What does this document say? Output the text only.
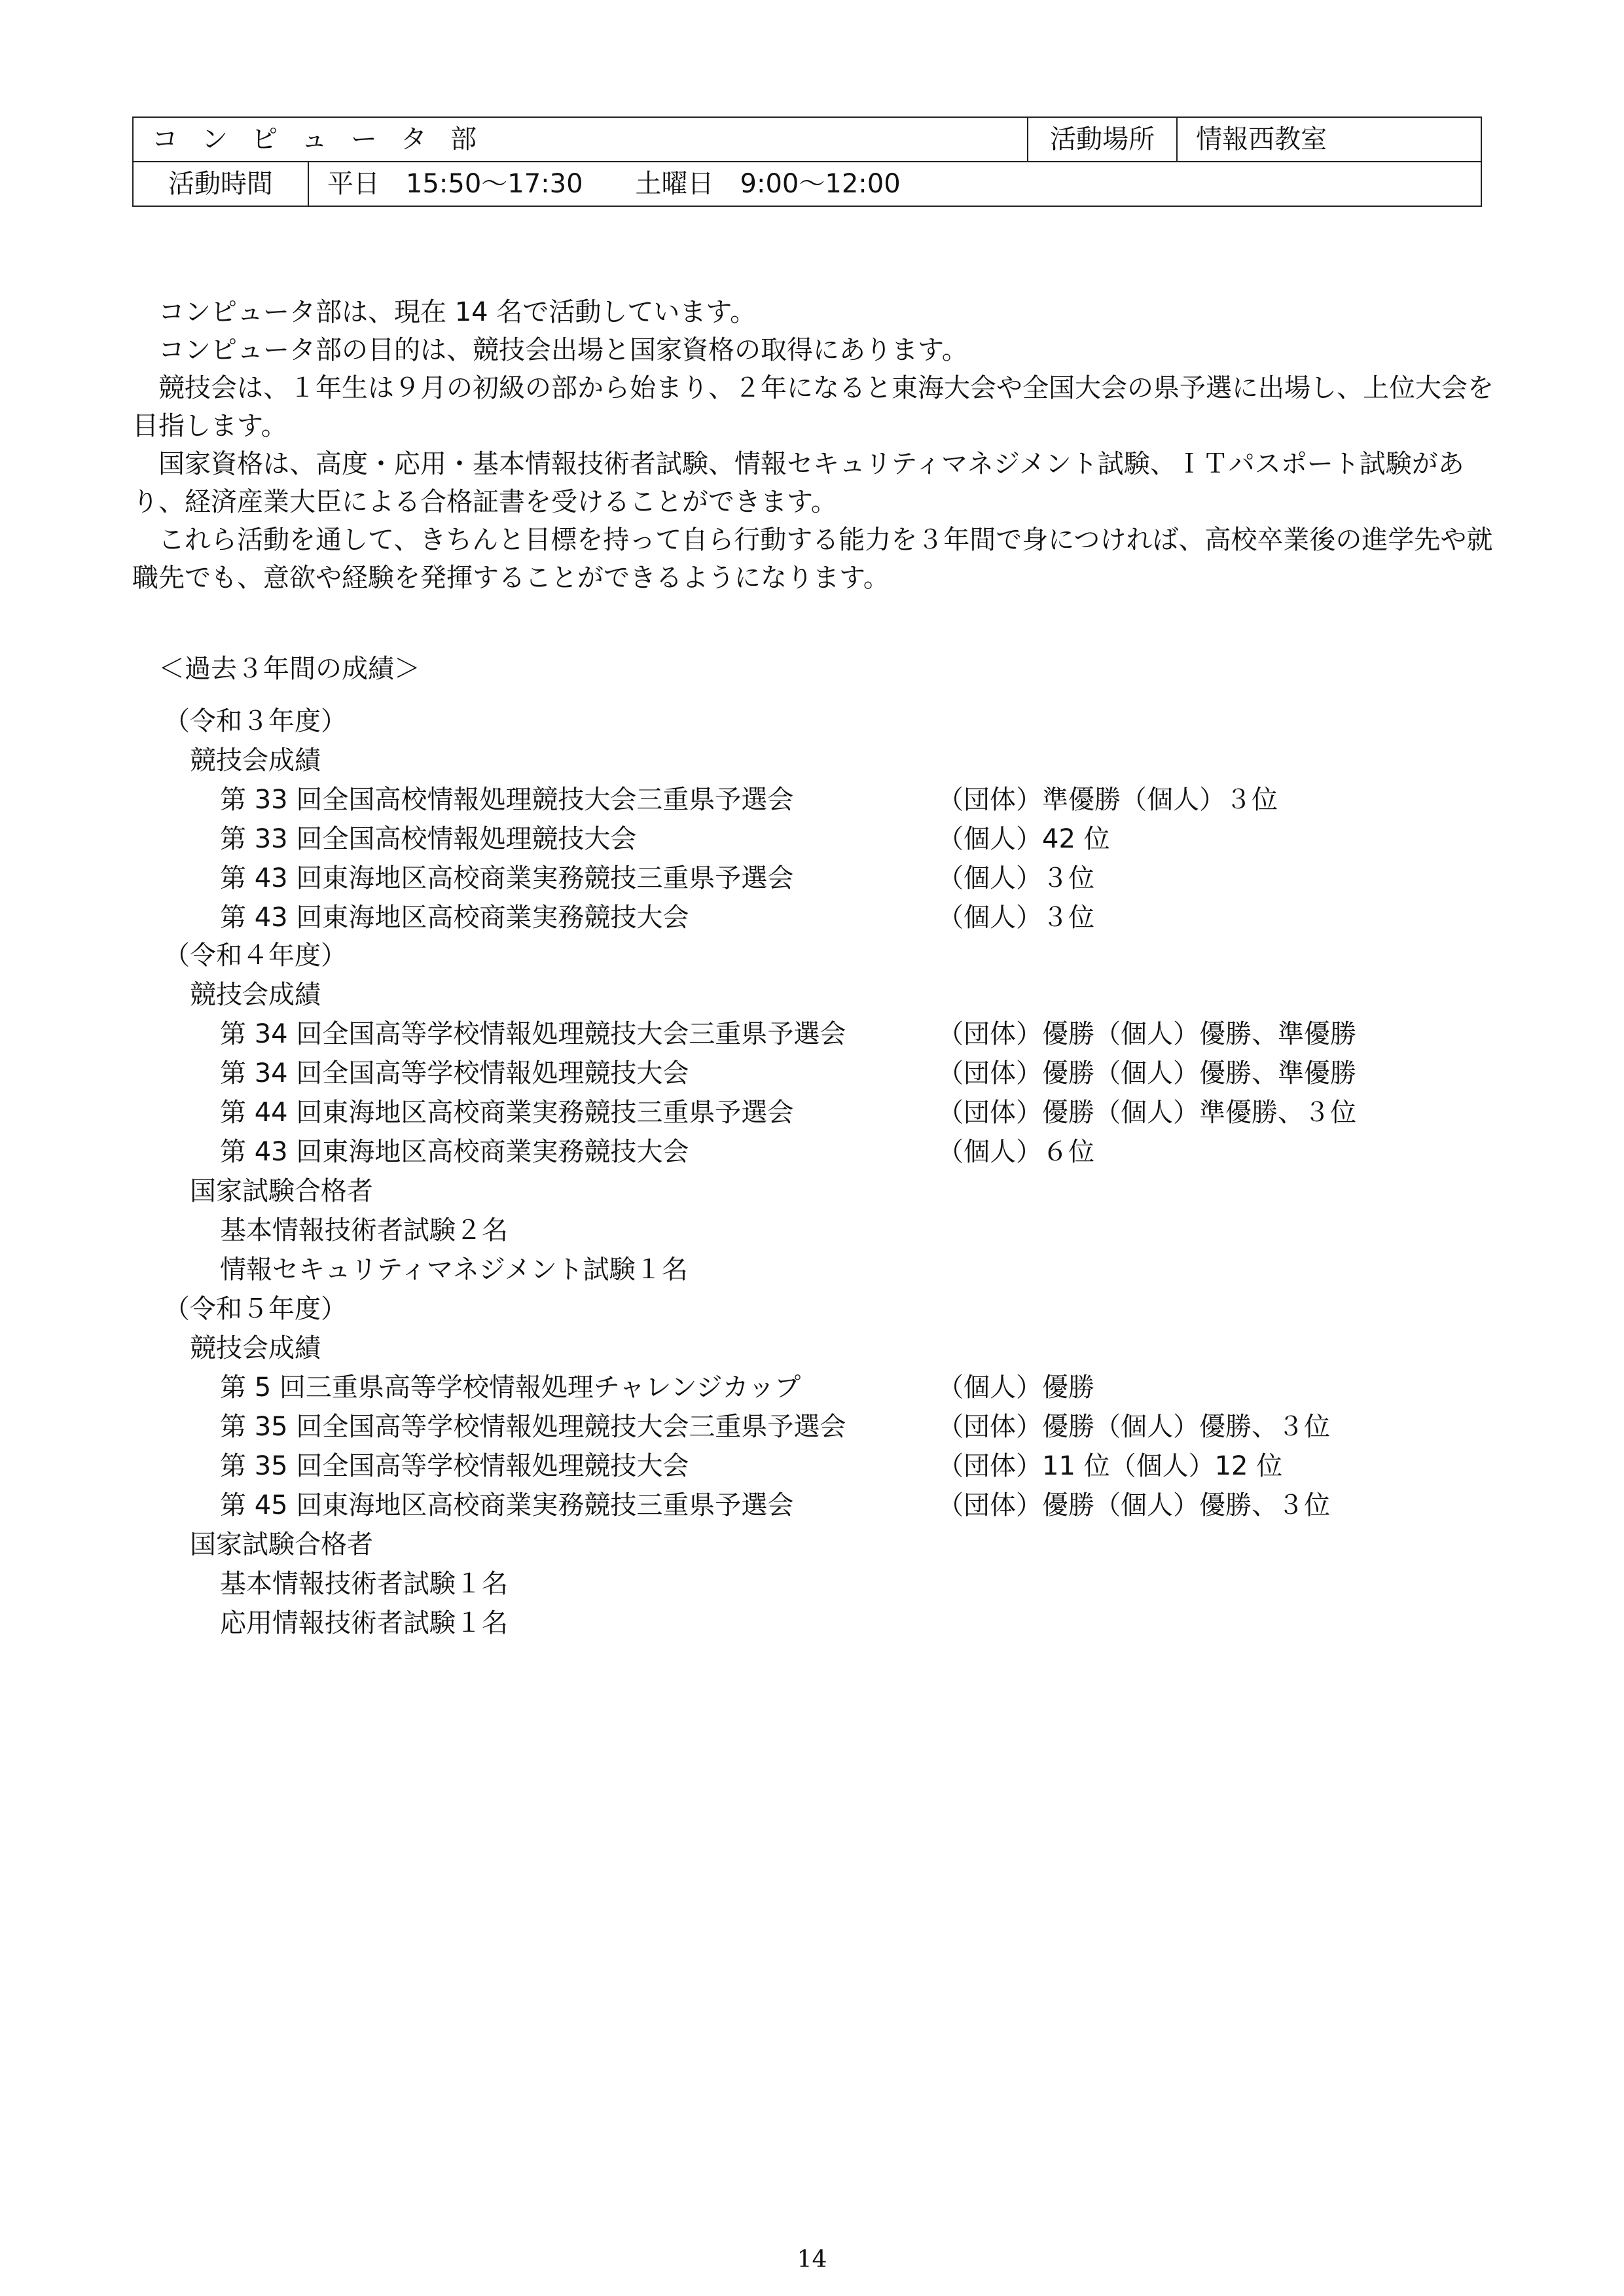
コンピュータ部		活動場所	情報西教室
活動時間	平日　15:50～17:30　　土曜日　9:00～12:00		

コンピュータ部は、現在 14 名で活動しています。

コンピュータ部の目的は、競技会出場と国家資格の取得にあります。

競技会は、１年生は９月の初級の部から始まり、２年になると東海大会や全国大会の県予選に出場し、上位大会を目指します。

国家資格は、高度・応用・基本情報技術者試験、情報セキュリティマネジメント試験、ＩＴパスポート試験があり、経済産業大臣による合格証書を受けることができます。

これら活動を通して、きちんと目標を持って自ら行動する能力を３年間で身につければ、高校卒業後の進学先や就職先でも、意欲や経験を発揮することができるようになります。

＜過去３年間の成績＞
（令和３年度）
競技会成績
第 33 回全国高校情報処理競技大会三重県予選会	（団体）準優勝（個人）３位
第 33 回全国高校情報処理競技大会	（個人）42 位
第 43 回東海地区高校商業実務競技三重県予選会	（個人）３位
第 43 回東海地区高校商業実務競技大会	（個人）３位
（令和４年度）
競技会成績
第 34 回全国高等学校情報処理競技大会三重県予選会	（団体）優勝（個人）優勝、準優勝
第 34 回全国高等学校情報処理競技大会	（団体）優勝（個人）優勝、準優勝
第 44 回東海地区高校商業実務競技三重県予選会	（団体）優勝（個人）準優勝、３位
第 43 回東海地区高校商業実務競技大会	（個人）６位
国家試験合格者
基本情報技術者試験２名
情報セキュリティマネジメント試験１名
（令和５年度）
競技会成績
第 5 回三重県高等学校情報処理チャレンジカップ	（個人）優勝
第 35 回全国高等学校情報処理競技大会三重県予選会	（団体）優勝（個人）優勝、３位
第 35 回全国高等学校情報処理競技大会	（団体）11 位（個人）12 位
第 45 回東海地区高校商業実務競技三重県予選会	（団体）優勝（個人）優勝、３位
国家試験合格者
基本情報技術者試験１名
応用情報技術者試験１名
14
